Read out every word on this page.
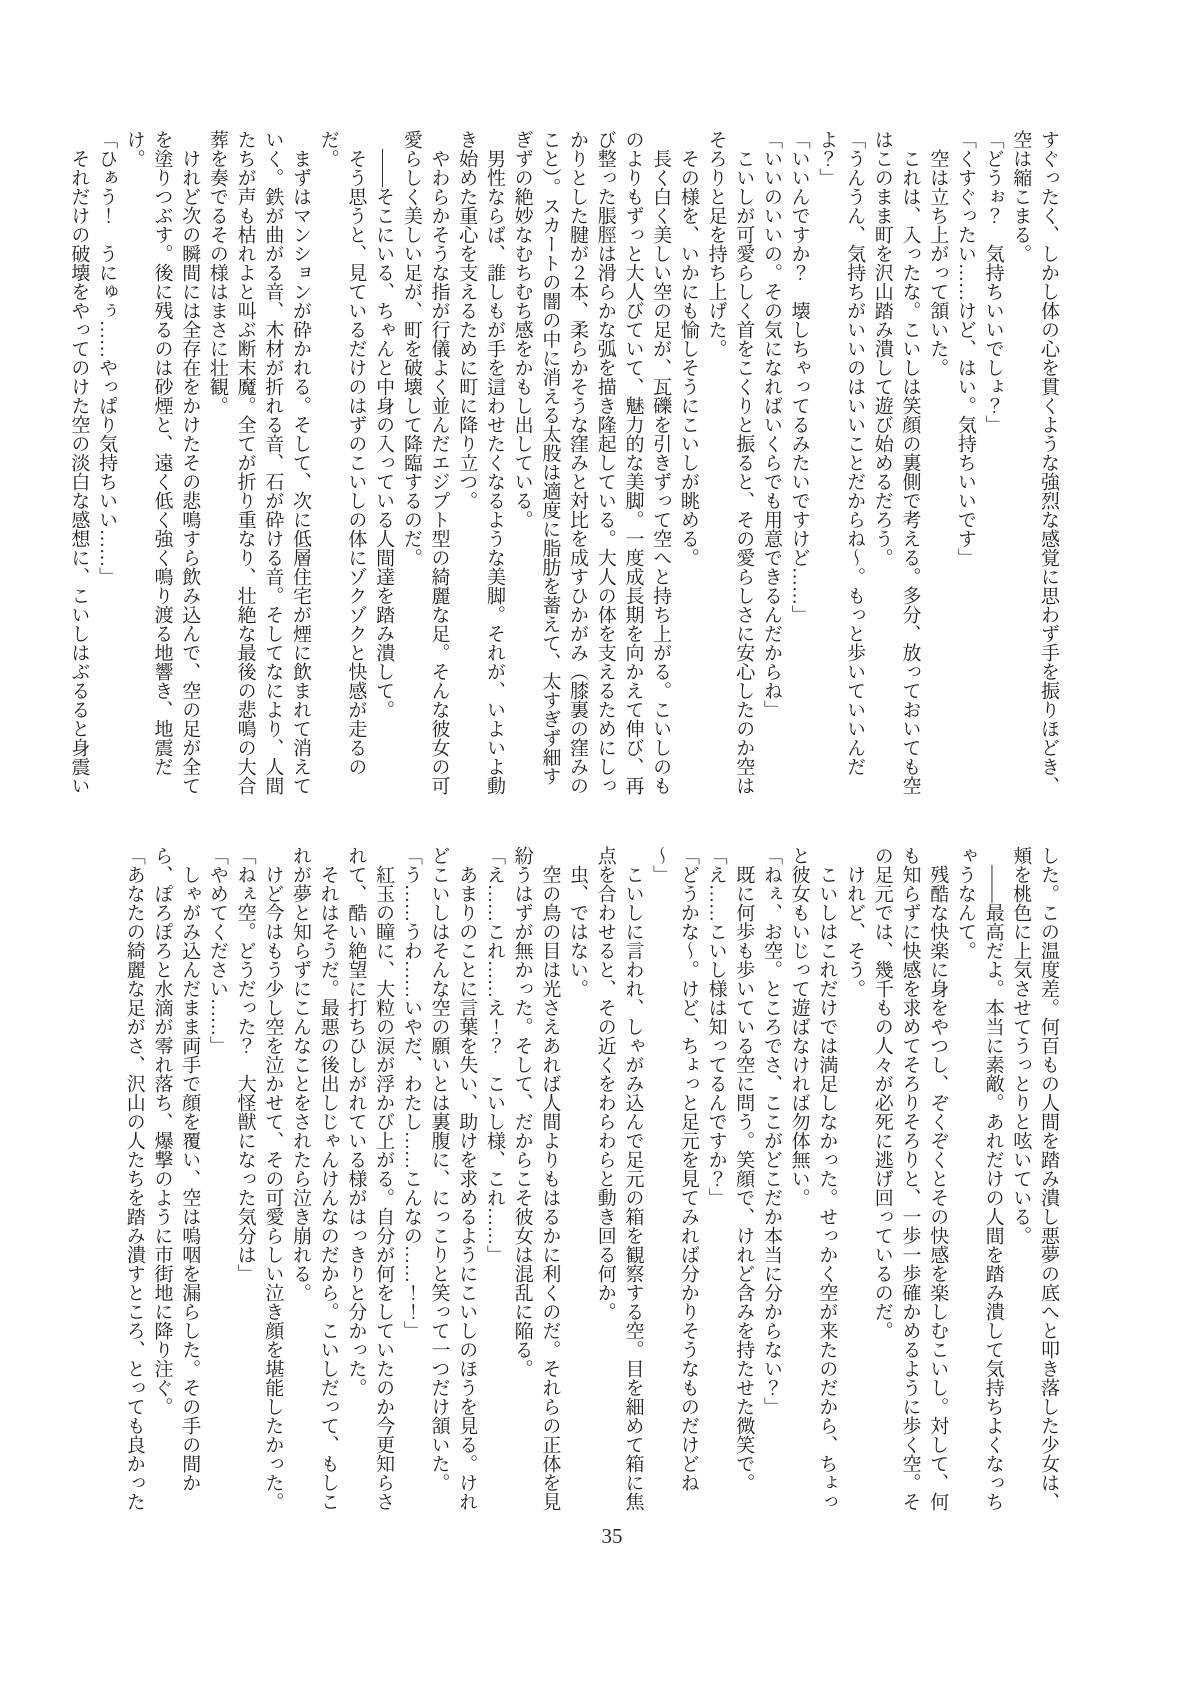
すぐったく、しかし体の心を貫くような強烈な感覚に思わず手を振りほどき、空は縮こまる。

「どうぉ？　気持ちいいでしょ？」

「くすぐったい……けど、はい。気持ちいいです」

空は立ち上がって頷いた。

これは、入ったな。こいしは笑顔の裏側で考える。多分、放っておいても空はこのまま町を沢山踏み潰して遊び始めるだろう。

「うんうん、気持ちがいいのはいいことだからね～。もっと歩いていいんだよ？」

「いいんですか？　壊しちゃってるみたいですけど……」

「いいのいいの。その気になればいくらでも用意できるんだからね」

こいしが可愛らしく首をこくりと振ると、その愛らしさに安心したのか空はそろりと足を持ち上げた。

その様を、いかにも愉しそうにこいしが眺める。

長く白く美しい空の足が、瓦礫を引きずって空へと持ち上がる。こいしのものよりもずっと大人びていて、魅力的な美脚。一度成長期を向かえて伸び、再び整った脹脛は滑らかな弧を描き隆起している。大人の体を支えるためにしっかりとした腱が２本、柔らかそうな窪みと対比を成すひかがみ（膝裏の窪みのこと）。スカートの闇の中に消える太股は適度に脂肪を蓄えて、太すぎず細すぎずの絶妙なむちむち感をかもし出している。

男性ならば、誰しもが手を這わせたくなるような美脚。それが、いよいよ動き始めた重心を支えるために町に降り立つ。

やわらかそうな指が行儀よく並んだエジプト型の綺麗な足。そんな彼女の可愛らしく美しい足が、町を破壊して降臨するのだ。

――そこにいる、ちゃんと中身の入っている人間達を踏み潰して。

そう思うと、見ているだけのはずのこいしの体にゾクゾクと快感が走るのだ。

まずはマンションが砕かれる。そして、次に低層住宅が煙に飲まれて消えていく。鉄が曲がる音、木材が折れる音、石が砕ける音。そしてなにより、人間たちが声も枯れよと叫ぶ断末魔。全てが折り重なり、壮絶な最後の悲鳴の大合葬を奏でるその様はまさに壮観。

けれど次の瞬間には全存在をかけたその悲鳴すら飲み込んで、空の足が全てを塗りつぶす。後に残るのは砂煙と、遠く低く強く鳴り渡る地響き、地震だけ。

「ひぁう！　うにゅぅ……やっぱり気持ちいい……」

それだけの破壊をやってのけた空の淡白な感想に、こいしはぶるると身震い

した。この温度差。何百もの人間を踏み潰し悪夢の底へと叩き落した少女は、頬を桃色に上気させてうっとりと呟いている。

――最高だよ。本当に素敵。あれだけの人間を踏み潰して気持ちよくなっちゃうなんて。

残酷な快楽に身をやつし、ぞくぞくとその快感を楽しむこいし。対して、何も知らずに快感を求めてそろりそろりと、一歩一歩確かめるように歩く空。その足元では、幾千もの人々が必死に逃げ回っているのだ。

けれど、そう。

こいしはこれだけでは満足しなかった。せっかく空が来たのだから、ちょっと彼女もいじって遊ばなければ勿体無い。

「ねぇ、お空。ところでさ、ここがどこだか本当に分からない？」

既に何歩も歩いている空に問う。笑顔で、けれど含みを持たせた微笑で。

「え……こいし様は知ってるんですか？」

「どうかな～。けど、ちょっと足元を見てみれば分かりそうなものだけどね～」

こいしに言われ、しゃがみ込んで足元の箱を観察する空。目を細めて箱に焦点を合わせると、その近くをわらわらと動き回る何か。

虫、ではない。

空の鳥の目は光さえあれば人間よりもはるかに利くのだ。それらの正体を見紛うはずが無かった。そして、だからこそ彼女は混乱に陥る。

「え……これ……え！？　こいし様、これ……」

あまりのことに言葉を失い、助けを求めるようにこいしのほうを見る。けれどこいしはそんな空の願いとは裏腹に、にっこりと笑って一つだけ頷いた。

「う……うわ……いやだ、わたし……こんなの……！！」

紅玉の瞳に、大粒の涙が浮かび上がる。自分が何をしていたのか今更知らされて、酷い絶望に打ちひしがれている様がはっきりと分かった。

それはそうだ。最悪の後出しじゃんけんなのだから。こいしだって、もしこれが夢と知らずにこんなことをされたら泣き崩れる。

けど今はもう少し空を泣かせて、その可愛らしい泣き顔を堪能したかった。

「ねぇ空。どうだった？　大怪獣になった気分は」

「やめてください……」

しゃがみ込んだまま両手で顔を覆い、空は嗚咽を漏らした。その手の間から、ぽろぽろと水滴が零れ落ち、爆撃のように市街地に降り注ぐ。

「あなたの綺麗な足がさ、沢山の人たちを踏み潰すところ、とっても良かった

35
